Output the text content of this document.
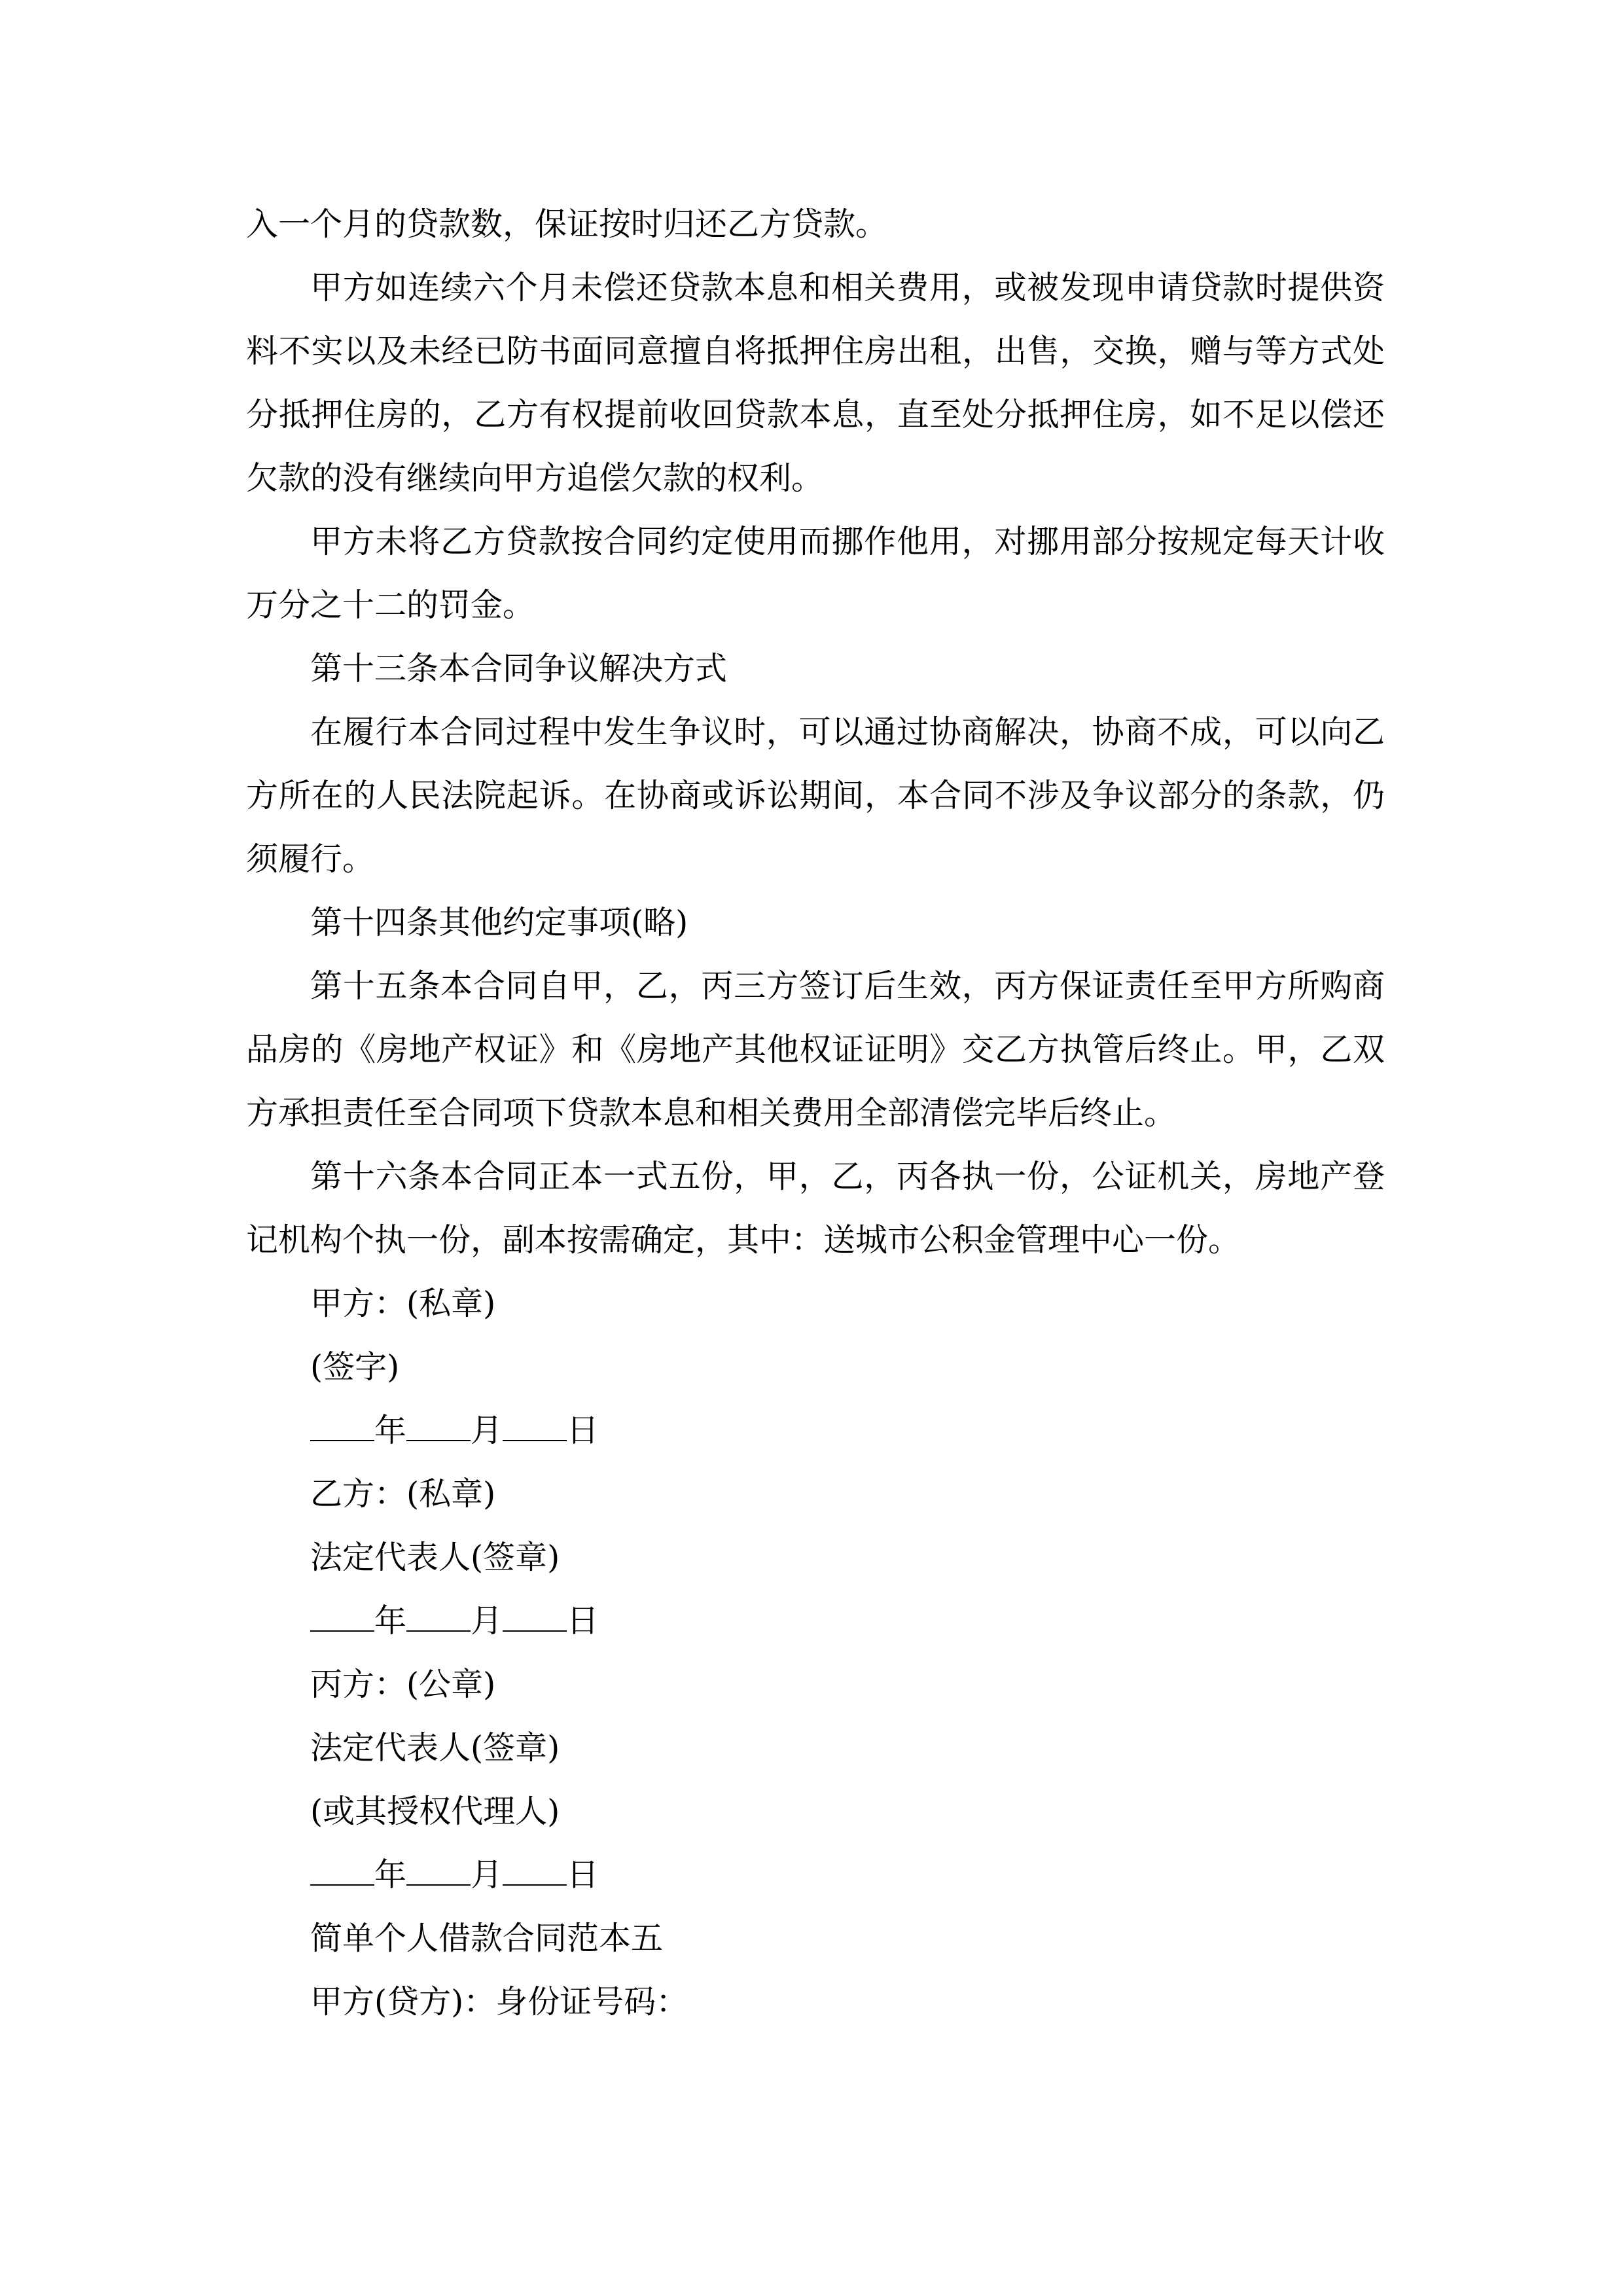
入一个月的贷款数，保证按时归还乙方贷款。

甲方如连续六个月未偿还贷款本息和相关费用，或被发现申请贷款时提供资料不实以及未经已防书面同意擅自将抵押住房出租，出售，交换，赠与等方式处分抵押住房的，乙方有权提前收回贷款本息，直至处分抵押住房，如不足以偿还欠款的没有继续向甲方追偿欠款的权利。

甲方未将乙方贷款按合同约定使用而挪作他用，对挪用部分按规定每天计收万分之十二的罚金。

第十三条本合同争议解决方式

在履行本合同过程中发生争议时，可以通过协商解决，协商不成，可以向乙方所在的人民法院起诉。在协商或诉讼期间，本合同不涉及争议部分的条款，仍须履行。

第十四条其他约定事项(略)

第十五条本合同自甲，乙，丙三方签订后生效，丙方保证责任至甲方所购商品房的《房地产权证》和《房地产其他权证证明》交乙方执管后终止。甲，乙双方承担责任至合同项下贷款本息和相关费用全部清偿完毕后终止。

第十六条本合同正本一式五份，甲，乙，丙各执一份，公证机关，房地产登记机构个执一份，副本按需确定，其中：送城市公积金管理中心一份。

甲方：(私章)

(签字)

年 月 日

乙方：(私章)

法定代表人(签章)

年 月 日

丙方：(公章)

法定代表人(签章)

(或其授权代理人)

年 月 日

简单个人借款合同范本五

甲方(贷方)：身份证号码：
